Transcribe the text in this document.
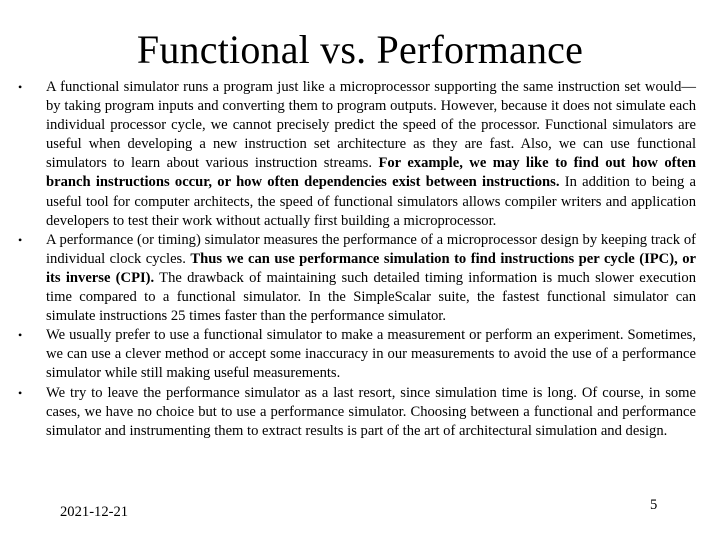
Functional vs. Performance
• A functional simulator runs a program just like a microprocessor supporting the same instruction set would—by taking program inputs and converting them to program outputs. However, because it does not simulate each individual processor cycle, we cannot precisely predict the speed of the processor. Functional simulators are useful when developing a new instruction set architecture as they are fast. Also, we can use functional simulators to learn about various instruction streams. For example, we may like to find out how often branch instructions occur, or how often dependencies exist between instructions. In addition to being a useful tool for computer architects, the speed of functional simulators allows compiler writers and application developers to test their work without actually first building a microprocessor.
• A performance (or timing) simulator measures the performance of a microprocessor design by keeping track of individual clock cycles. Thus we can use performance simulation to find instructions per cycle (IPC), or its inverse (CPI). The drawback of maintaining such detailed timing information is much slower execution time compared to a functional simulator. In the SimpleScalar suite, the fastest functional simulator can simulate instructions 25 times faster than the performance simulator.
• We usually prefer to use a functional simulator to make a measurement or perform an experiment. Sometimes, we can use a clever method or accept some inaccuracy in our measurements to avoid the use of a performance simulator while still making useful measurements.
• We try to leave the performance simulator as a last resort, since simulation time is long. Of course, in some cases, we have no choice but to use a performance simulator. Choosing between a functional and performance simulator and instrumenting them to extract results is part of the art of architectural simulation and design.
2021-12-21	5
